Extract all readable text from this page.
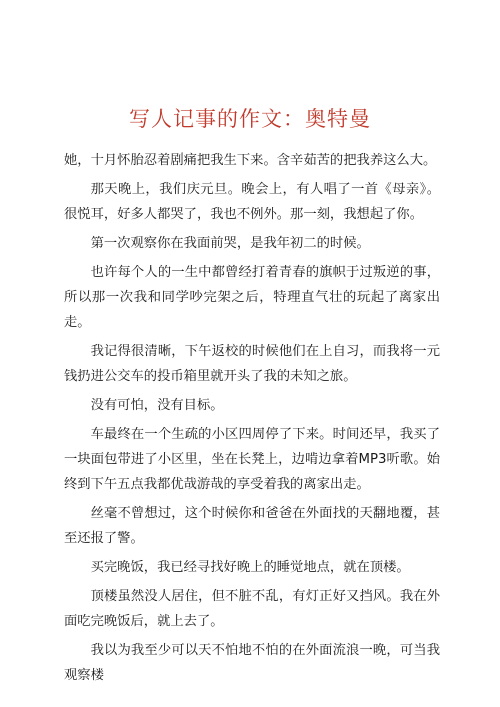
写人记事的作文：奥特曼

她，十月怀胎忍着剧痛把我生下来。含辛茹苦的把我养这么大。

那天晚上，我们庆元旦。晚会上，有人唱了一首《母亲》。很悦耳，好多人都哭了，我也不例外。那一刻，我想起了你。

第一次观察你在我面前哭，是我年初二的时候。

也许每个人的一生中都曾经打着青春的旗帜于过叛逆的事，所以那一次我和同学吵完架之后，特理直气壮的玩起了离家出走。

我记得很清晰，下午返校的时候他们在上自习，而我将一元钱扔进公交车的投币箱里就开头了我的未知之旅。

没有可怕，没有目标。

车最终在一个生疏的小区四周停了下来。时间还早，我买了一块面包带进了小区里，坐在长凳上，边啃边拿着MP3听歌。始终到下午五点我都优哉游哉的享受着我的离家出走。

丝毫不曾想过，这个时候你和爸爸在外面找的天翻地覆，甚至还报了警。

买完晚饭，我已经寻找好晚上的睡觉地点，就在顶楼。

顶楼虽然没人居住，但不脏不乱，有灯正好又挡风。我在外面吃完晚饭后，就上去了。

我以为我至少可以天不怕地不怕的在外面流浪一晚，可当我观察楼
